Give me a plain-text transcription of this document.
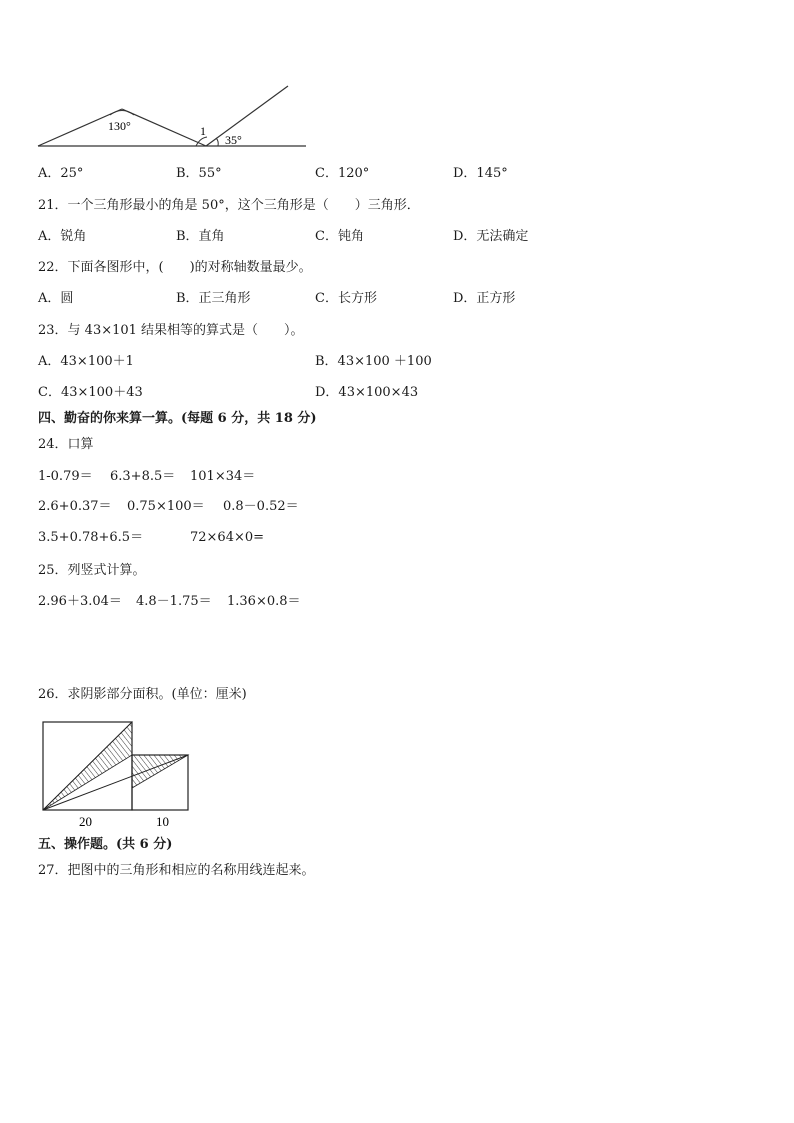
130°	1
35°
A．25°	B．55°	C．120°	D．145°
21．一个三角形最小的角是 50°，这个三角形是（　　）三角形．
A．锐角	B．直角	C．钝角	D．无法确定
22．下面各图形中，(　　)的对称轴数量最少。
A．圆	B．正三角形	C．长方形	D．正方形
23．与 43×101 结果相等的算式是（　　）。
A．43×100＋1	B．43×100 ＋100
C．43×100＋43	D．43×100×43
四、勤奋的你来算一算。(每题 6 分，共 18 分)
24．口算
1-0.79＝ 6.3+8.5＝ 101×34＝
2.6+0.37＝ 0.75×100＝ 0.8－0.52＝
3.5+0.78+6.5＝	72×64×0=
25．列竖式计算。
2.96＋3.04＝ 4.8－1.75＝ 1.36×0.8＝
26．求阴影部分面积。(单位：厘米)
20	10
五、操作题。(共 6 分)
27．把图中的三角形和相应的名称用线连起来。
